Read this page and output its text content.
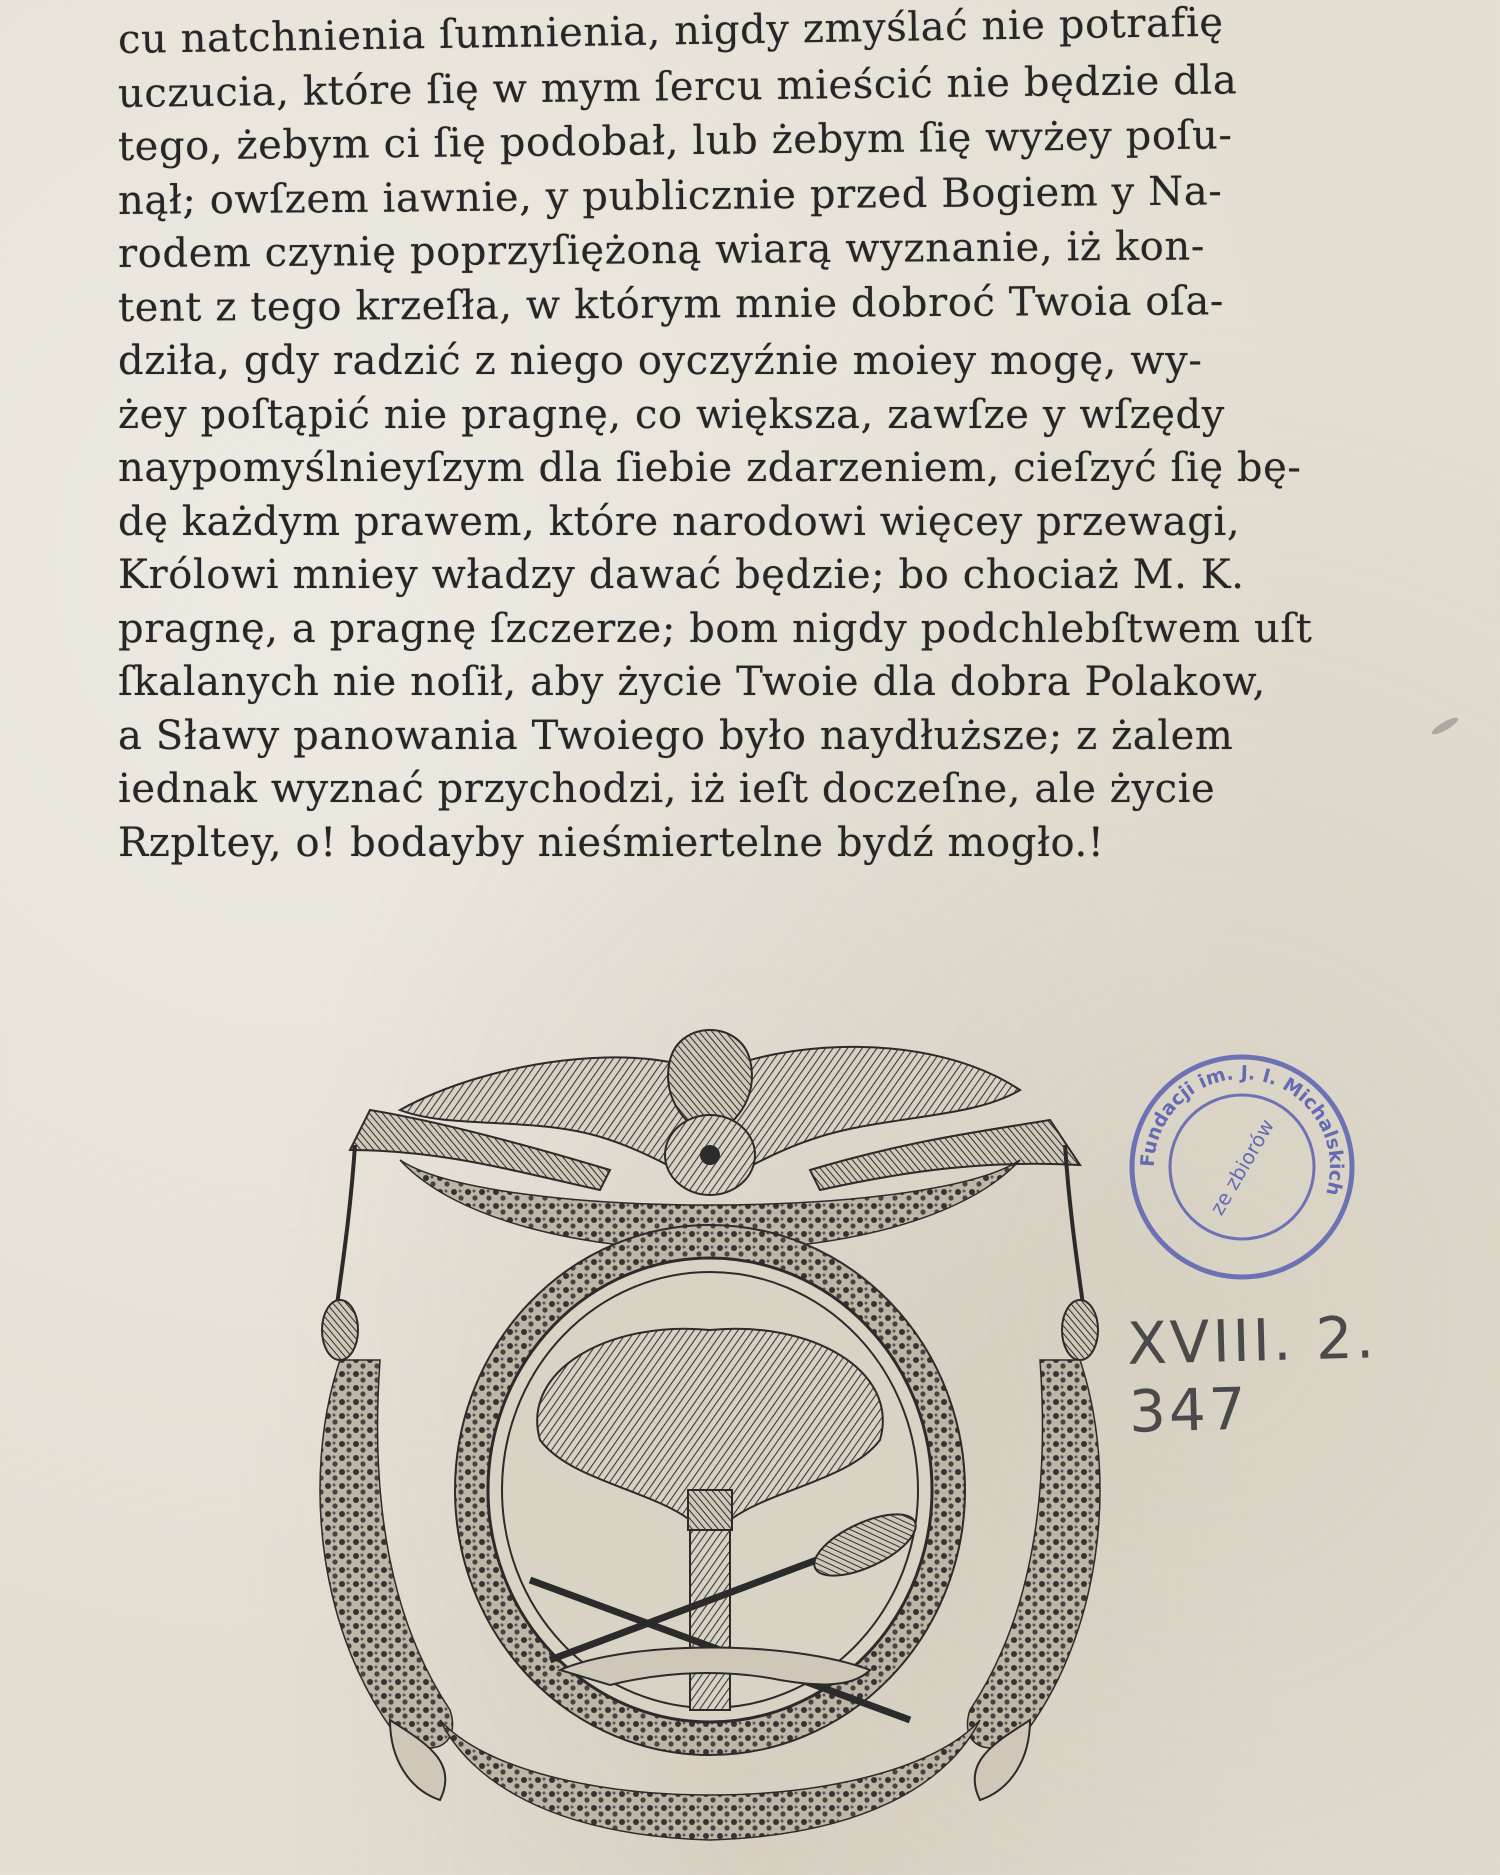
cu natchnienia ſumnienia, nigdy zmyślać nie potrafię
uczucia, które ſię w mym ſercu mieścić nie będzie dla
tego, żebym ci ſię podobał, lub żebym ſię wyżey poſu-
nął; owſzem iawnie, y publicznie przed Bogiem y Na-
rodem czynię poprzyſiężoną wiarą wyznanie, iż kon-
tent z tego krzeſła, w którym mnie dobroć Twoia oſa-
dziła, gdy radzić z niego oyczyźnie moiey mogę, wy-
żey poſtąpić nie pragnę, co większa, zawſze y wſzędy
naypomyślnieyſzym dla ſiebie zdarzeniem, cieſzyć ſię bę-
dę każdym prawem, które narodowi więcey przewagi,
Królowi mniey władzy dawać będzie; bo chociaż M. K.
pragnę, a pragnę ſzczerze; bom nigdy podchlebſtwem uſt
ſkalanych nie noſił, aby życie Twoie dla dobra Polakow,
a Sławy panowania Twoiego było naydłuższe; z żalem
iednak wyznać przychodzi, iż ieſt doczeſne, ale życie
Rzpltey, o! bodayby nieśmiertelne bydź mogło.!
Fundacji im. J. I. Michalskich
ze zbiorów
XVIII. 2. 347
